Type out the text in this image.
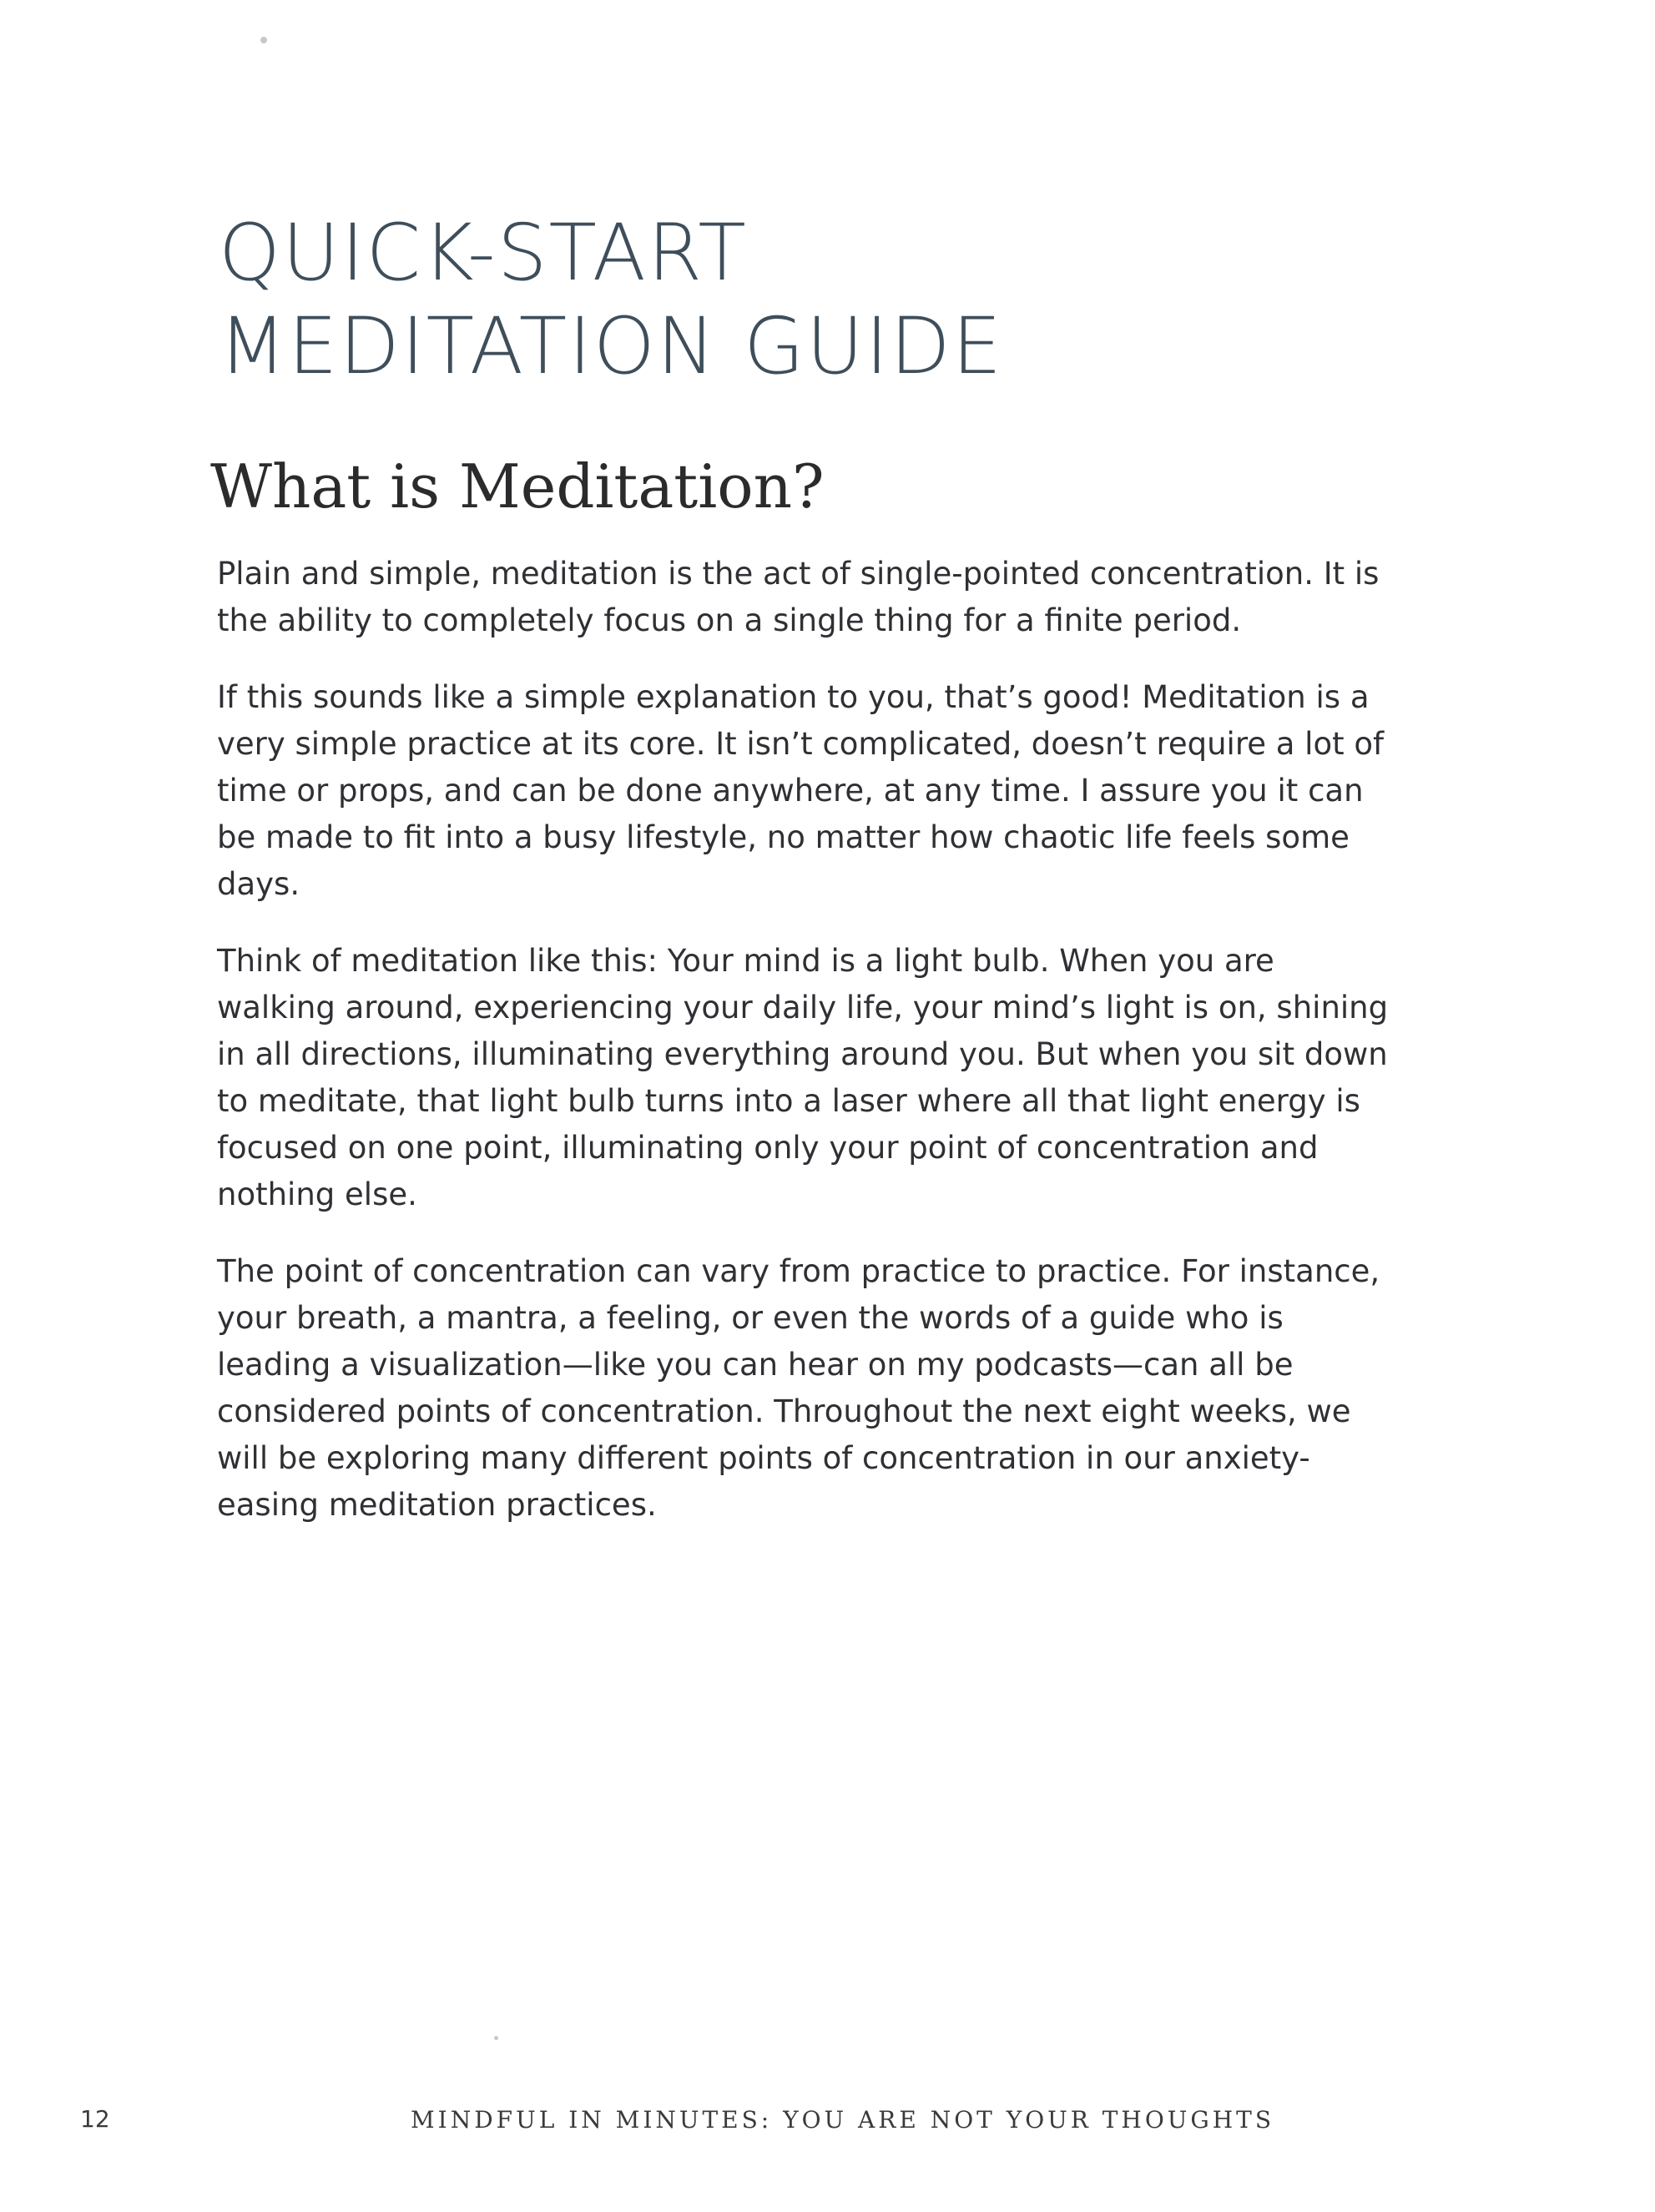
QUICK-START
MEDITATION GUIDE
What is Meditation?

Plain and simple, meditation is the act of single-pointed concentration. It is the ability to completely focus on a single thing for a finite period.

If this sounds like a simple explanation to you, that’s good! Meditation is a very simple practice at its core. It isn’t complicated, doesn’t require a lot of time or props, and can be done anywhere, at any time. I assure you it can be made to fit into a busy lifestyle, no matter how chaotic life feels some days.

Think of meditation like this: Your mind is a light bulb. When you are walking around, experiencing your daily life, your mind’s light is on, shining in all directions, illuminating everything around you. But when you sit down to meditate, that light bulb turns into a laser where all that light energy is focused on one point, illuminating only your point of concentration and nothing else.

The point of concentration can vary from practice to practice. For instance, your breath, a mantra, a feeling, or even the words of a guide who is leading a visualization—like you can hear on my podcasts—can all be considered points of concentration. Throughout the next eight weeks, we will be exploring many different points of concentration in our anxiety-easing meditation practices.

12	MINDFUL IN MINUTES: YOU ARE NOT YOUR THOUGHTS
